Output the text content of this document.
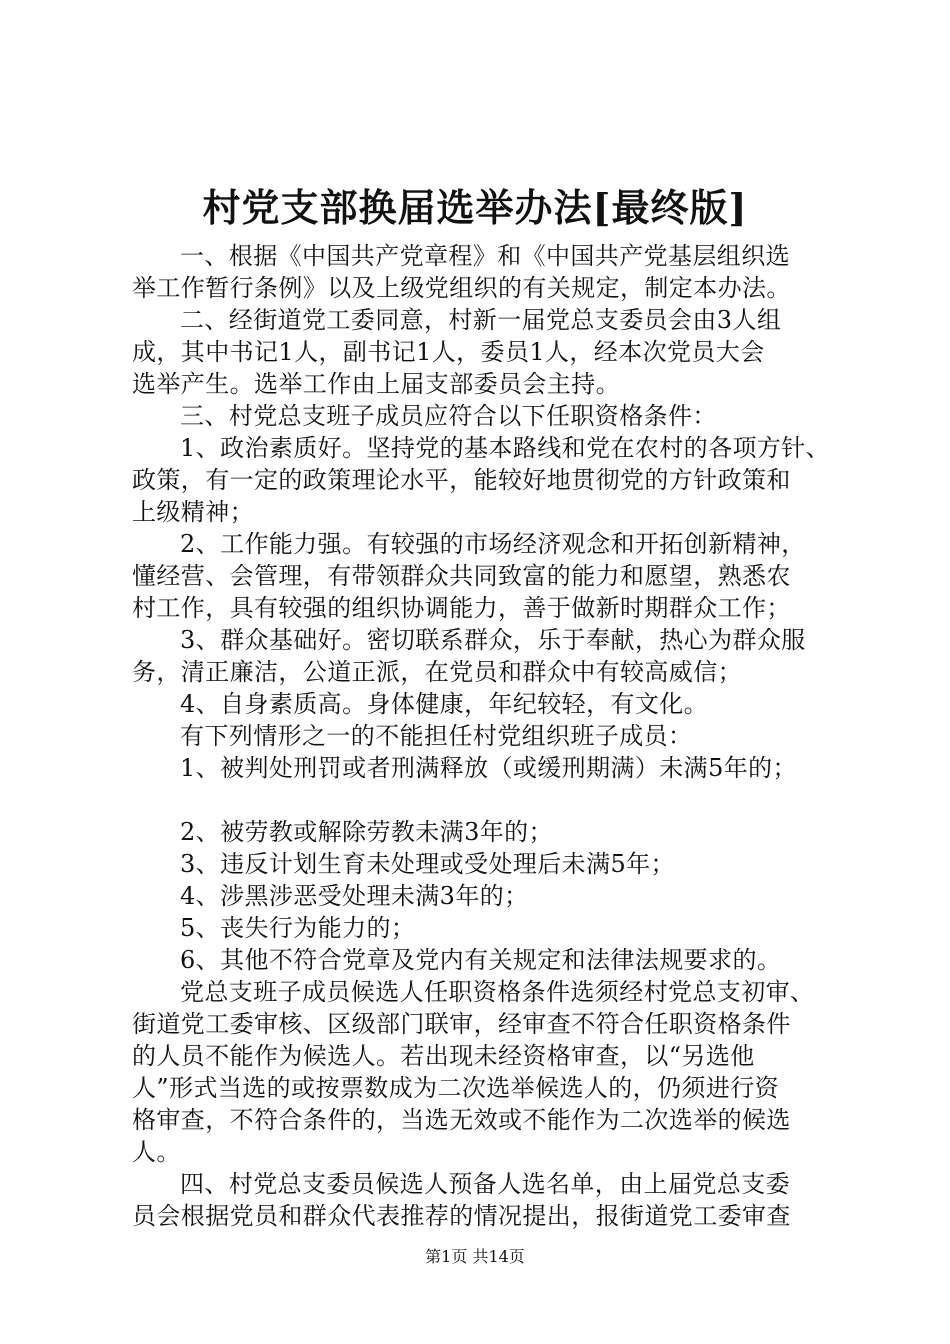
村党支部换届选举办法[最终版]
一、根据《中国共产党章程》和《中国共产党基层组织选
举工作暂行条例》以及上级党组织的有关规定，制定本办法。
二、经街道党工委同意，村新一届党总支委员会由3人组
成，其中书记1人，副书记1人，委员1人，经本次党员大会
选举产生。选举工作由上届支部委员会主持。
三、村党总支班子成员应符合以下任职资格条件：
1、政治素质好。坚持党的基本路线和党在农村的各项方针、
政策，有一定的政策理论水平，能较好地贯彻党的方针政策和
上级精神；
2、工作能力强。有较强的市场经济观念和开拓创新精神，
懂经营、会管理，有带领群众共同致富的能力和愿望，熟悉农
村工作，具有较强的组织协调能力，善于做新时期群众工作；
3、群众基础好。密切联系群众，乐于奉献，热心为群众服
务，清正廉洁，公道正派，在党员和群众中有较高威信；
4、自身素质高。身体健康，年纪较轻，有文化。
有下列情形之一的不能担任村党组织班子成员：
1、被判处刑罚或者刑满释放（或缓刑期满）未满5年的；
2、被劳教或解除劳教未满3年的；
3、违反计划生育未处理或受处理后未满5年；
4、涉黑涉恶受处理未满3年的；
5、丧失行为能力的；
6、其他不符合党章及党内有关规定和法律法规要求的。
党总支班子成员候选人任职资格条件选须经村党总支初审、
街道党工委审核、区级部门联审，经审查不符合任职资格条件
的人员不能作为候选人。若出现未经资格审查，以“另选他
人”形式当选的或按票数成为二次选举候选人的，仍须进行资
格审查，不符合条件的，当选无效或不能作为二次选举的候选
人。
四、村党总支委员候选人预备人选名单，由上届党总支委
员会根据党员和群众代表推荐的情况提出，报街道党工委审查
第1页 共14页
